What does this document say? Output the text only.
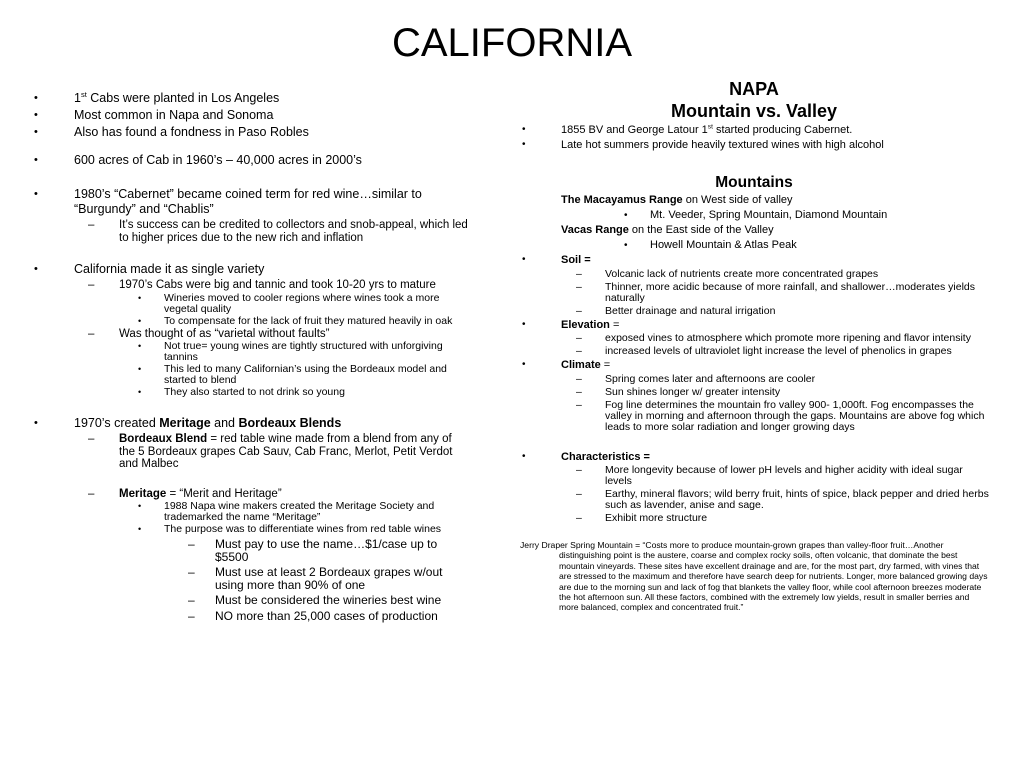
CALIFORNIA
•	1st Cabs were planted in Los Angeles
•	Most common in Napa and Sonoma
•	Also has found a fondness in Paso Robles
•	600 acres of Cab in 1960’s – 40,000 acres in 2000’s
•	1980’s “Cabernet” became coined term for red wine…similar to “Burgundy” and “Chablis”
– It’s success can be credited to collectors and snob-appeal, which led to higher prices due to the new rich and inflation
•	California made it as single variety
– 1970’s Cabs were big and tannic and took 10-20 yrs to mature
• Wineries moved to cooler regions where wines took a more vegetal quality
• To compensate for the lack of fruit they matured heavily in oak
– Was thought of as “varietal without faults”
• Not true= young wines are tightly structured with unforgiving tannins
• This led to many Californian’s using the Bordeaux model and started to blend
• They also started to not drink so young
•	1970’s created Meritage and Bordeaux Blends
– Bordeaux Blend = red table wine made from a blend from any of the 5 Bordeaux grapes Cab Sauv, Cab Franc, Merlot, Petit Verdot and Malbec
– Meritage = “Merit and Heritage”
• 1988 Napa wine makers created the Meritage Society and trademarked the name “Meritage”
• The purpose was to differentiate wines from red table wines
– Must pay to use the name…$1/case up to $5500
– Must use at least 2 Bordeaux grapes w/out using more than 90% of one
– Must be considered the wineries best wine
– NO more than 25,000 cases of production
NAPA
Mountain vs. Valley
•	1855 BV and George Latour 1st started producing Cabernet.
•	Late hot summers provide heavily textured wines with high alcohol
Mountains
The Macayamus Range on West side of valley
• Mt. Veeder, Spring Mountain, Diamond Mountain
Vacas Range on the East side of the Valley
• Howell Mountain & Atlas Peak
•	Soil =
– Volcanic lack of nutrients create more concentrated grapes
– Thinner, more acidic because of more rainfall, and shallower…moderates yields naturally
– Better drainage and natural irrigation
•	Elevation =
– exposed vines to atmosphere which promote more ripening and flavor intensity
– increased levels of ultraviolet light increase the level of phenolics in grapes
•	Climate =
– Spring comes later and afternoons are cooler
– Sun shines longer w/ greater intensity
– Fog line determines the mountain fro valley 900- 1,000ft. Fog encompasses the valley in morning and afternoon through the gaps. Mountains are above fog which leads to more solar radiation and longer growing days
•	Characteristics =
– More longevity because of lower pH levels and higher acidity with ideal sugar levels
– Earthy, mineral flavors; wild berry fruit, hints of spice, black pepper and dried herbs such as lavender, anise and sage.
– Exhibit more structure
Jerry Draper Spring Mountain = “Costs more to produce mountain-grown grapes than valley-floor fruit…Another distinguishing point is the austere, coarse and complex rocky soils, often volcanic, that dominate the best mountain vineyards. These sites have excellent drainage and are, for the most part, dry farmed, with vines that are stressed to the maximum and therefore have search deep for nutrients. Longer, more balanced growing days are due to the morning sun and lack of fog that blankets the valley floor, while cool afternoon breezes moderate the hot afternoon sun. All these factors, combined with the extremely low yields, result in smaller berries and more balanced, complex and concentrated fruit.”
